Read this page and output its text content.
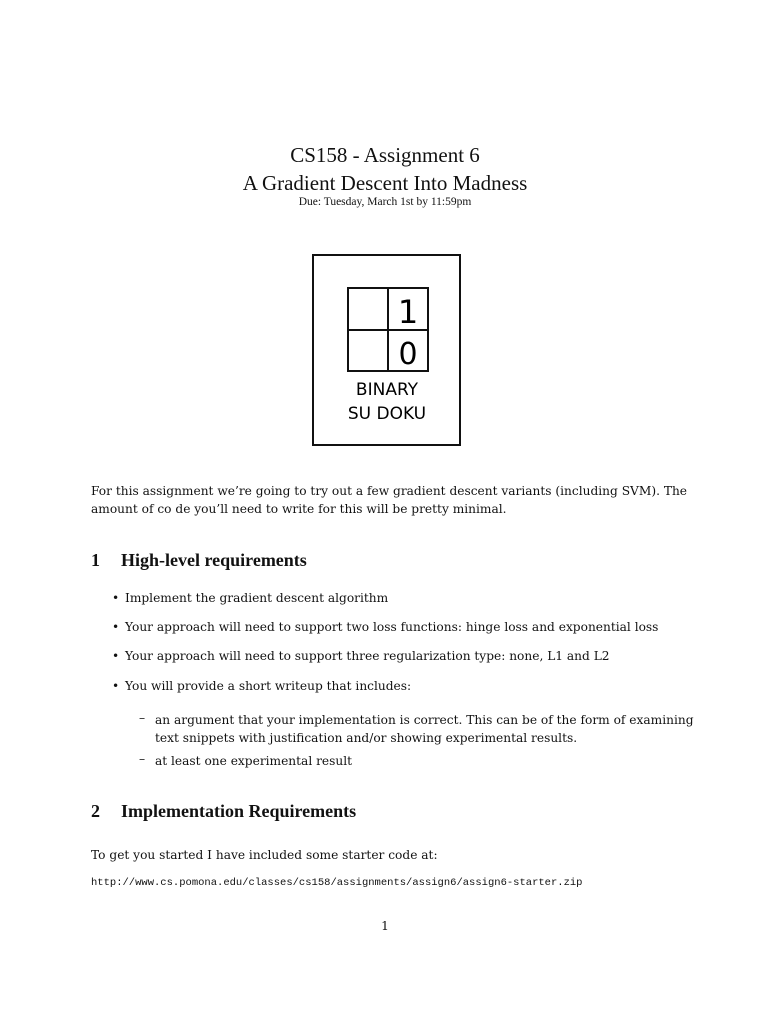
CS158 - Assignment 6
A Gradient Descent Into Madness
Due: Tuesday, March 1st by 11:59pm
1
0
BINARY
SU DOKU
For this assignment we’re going to try out a few gradient descent variants (including SVM). The
amount of co de you’ll need to write for this will be pretty minimal.
1 High-level requirements
• Implement the gradient descent algorithm
• Your approach will need to support two loss functions: hinge loss and exponential loss
• Your approach will need to support three regularization type: none, L1 and L2
• You will provide a short writeup that includes:
– an argument that your implementation is correct. This can be of the form of examining
text snippets with justification and/or showing experimental results.
– at least one experimental result
2 Implementation Requirements
To get you started I have included some starter code at:
http://www.cs.pomona.edu/classes/cs158/assignments/assign6/assign6-starter.zip
1
